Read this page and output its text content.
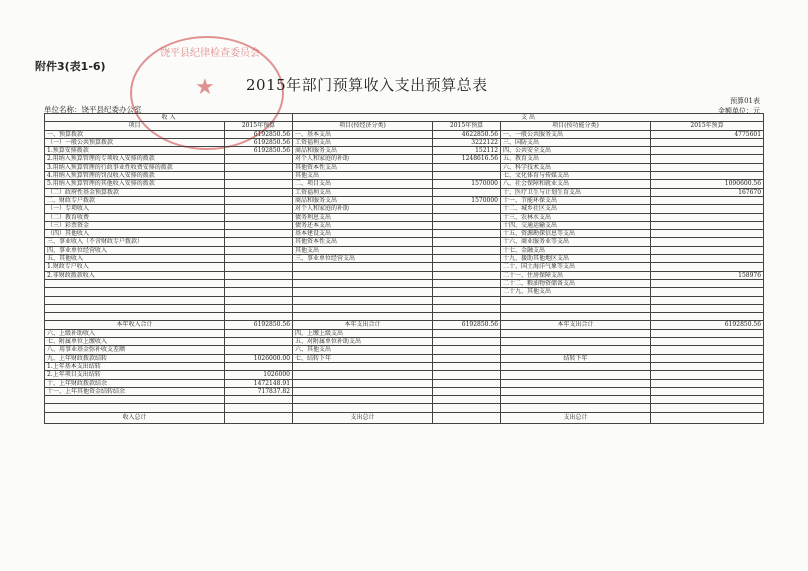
饶平县纪律检查委员会
★
附件3(表1-6)
2015年部门预算收入支出预算总表
预算01表
金额单位：元
单位名称：饶平县纪委办公室
收 入		支 出			
项目	2015年预算	项目(按经济分类)	2015年预算	项目(按功能分类)	2015年预算
一、预算拨款	6192850.56	一、基本支出	4622850.56	一、一般公共服务支出	4775601
（一）一般公共预算拨款	6192850.56	工资福利支出	3222122	三、国防支出	
1.预算安排拨款	6192850.56	商品和服务支出	152112	四、公共安全支出	
2.用纳入预算管理的专项收入安排的拨款		对个人和家庭的补助	1248616.56	五、教育支出	
3.用纳入预算管理的行政事业性收费安排的拨款		其他资本性支出		六、科学技术支出	
4.用纳入预算管理的罚没收入安排的拨款		其他支出		七、文化体育与传媒支出	
5.用纳入预算管理的其他收入安排的拨款		二、项目支出	1570000	八、社会保障和就业支出	1090600.56
（二）政府性基金预算拨款		工资福利支出		十、医疗卫生与计划生育支出	167670
二、财政专户拨款		商品和服务支出	1570000	十一、节能环保支出	
（一）专项收入		对个人和家庭的补助		十二、城乡社区支出	
（二）教育收费		债务利息支出		十三、农林水支出	
（三）彩票资金		债务还本支出		十四、交通运输支出	
（四）其他收入		基本建设支出		十五、资源勘探信息等支出	
三、事业收入（不含财政专户拨款）		其他资本性支出		十六、商业服务业等支出	
四、事业单位经营收入		其他支出		十七、金融支出	
五、其他收入		三、事业单位经营支出		十九、援助其他地区支出	
1.财政专户收入				二十、国土海洋气象等支出	
2.非财政拨款收入				二十一、住房保障支出	158976
				二十二、粮油物资储备支出	
				二十九、其他支出	

本年收入合计	6192850.56	本年支出合计	6192850.56	本年支出合计	6192850.56
六、上级补助收入		四、上缴上级支出			
七、附属单位上缴收入		五、对附属单位补助支出			
八、用事业基金弥补收支差额		六、其他支出			
九、上年财政拨款结转	1026000.00	七、结转下年		结转下年	
1.上年基本支出结转					
2.上年项目支出结转	1026000				
十、上年财政拨款结余	1472148.91				
十一、上年其他资金结转结余	717837.82				

收入总计		支出总计		支出总计	
